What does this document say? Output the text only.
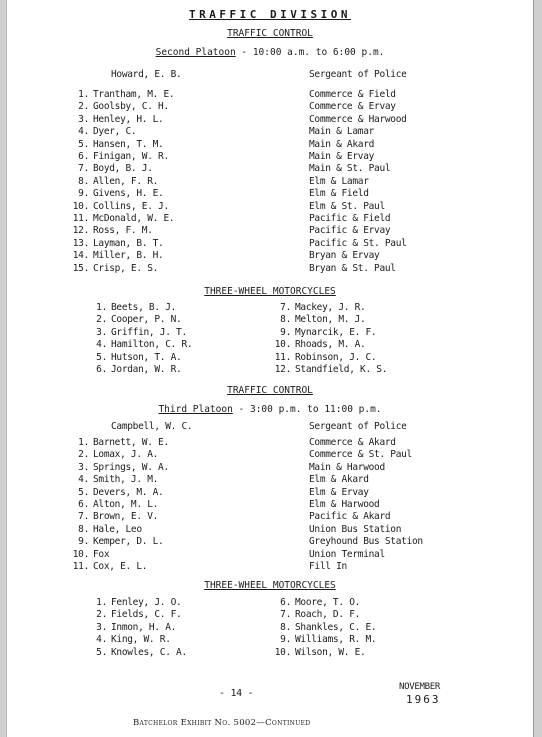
TRAFFIC DIVISION
TRAFFIC CONTROL
Second Platoon - 10:00 a.m. to 6:00 p.m.
Howard, E. B.	Sergeant of Police
1. Trantham, M. E.	Commerce & Field
2. Goolsby, C. H.	Commerce & Ervay
3. Henley, H. L.	Commerce & Harwood
4. Dyer, C.	Main & Lamar
5. Hansen, T. M.	Main & Akard
6. Finigan, W. R.	Main & Ervay
7. Boyd, B. J.	Main & St. Paul
8. Allen, F. R.	Elm & Lamar
9. Givens, H. E.	Elm & Field
10. Collins, E. J.	Elm & St. Paul
11. McDonald, W. E.	Pacific & Field
12. Ross, F. M.	Pacific & Ervay
13. Layman, B. T.	Pacific & St. Paul
14. Miller, B. H.	Bryan & Ervay
15. Crisp, E. S.	Bryan & St. Paul
THREE-WHEEL MOTORCYCLES
1. Beets, B. J.
2. Cooper, P. N.
3. Griffin, J. T.
4. Hamilton, C. R.
5. Hutson, T. A.
6. Jordan, W. R.
7. Mackey, J. R.
8. Melton, M. J.
9. Mynarcik, E. F.
10. Rhoads, M. A.
11. Robinson, J. C.
12. Standfield, K. S.
TRAFFIC CONTROL
Third Platoon - 3:00 p.m. to 11:00 p.m.
Campbell, W. C.	Sergeant of Police
1. Barnett, W. E.	Commerce & Akard
2. Lomax, J. A.	Commerce & St. Paul
3. Springs, W. A.	Main & Harwood
4. Smith, J. M.	Elm & Akard
5. Devers, M. A.	Elm & Ervay
6. Alton, M. L.	Elm & Harwood
7. Brown, E. V.	Pacific & Akard
8. Hale, Leo	Union Bus Station
9. Kemper, D. L.	Greyhound Bus Station
10. Fox	Union Terminal
11. Cox, E. L.	Fill In
THREE-WHEEL MOTORCYCLES
1. Fenley, J. O.
2. Fields, C. F.
3. Inmon, H. A.
4. King, W. R.
5. Knowles, C. A.
6. Moore, T. O.
7. Roach, D. F.
8. Shankles, C. E.
9. Williams, R. M.
10. Wilson, W. E.
- 14 -
NOVEMBER
1963
Batchelor Exhibit No. 5002—Continued
